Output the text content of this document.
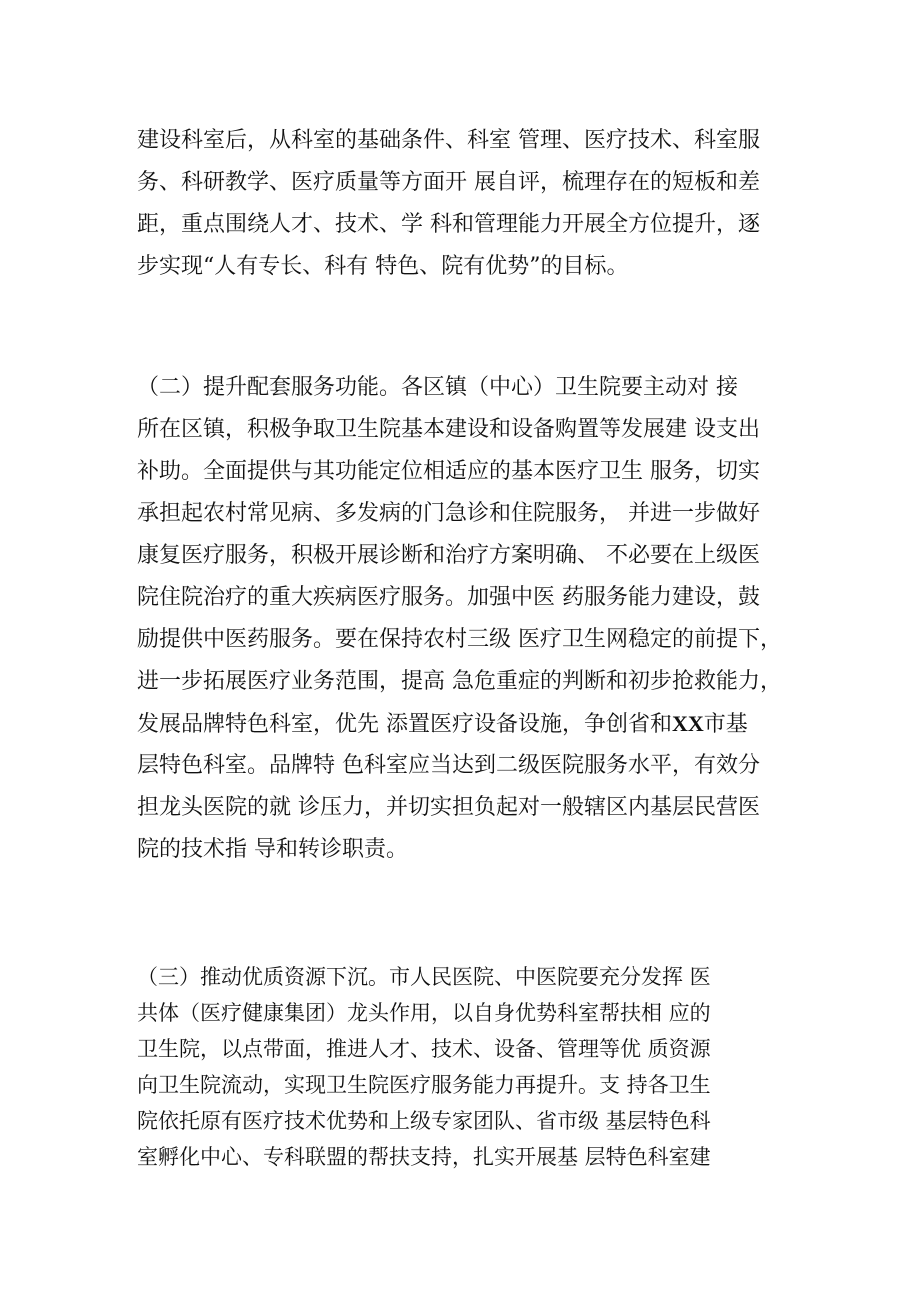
建设科室后，从科室的基础条件、科室 管理、医疗技术、科室服
务、科研教学、医疗质量等方面开 展自评，梳理存在的短板和差
距，重点围绕人才、技术、学 科和管理能力开展全方位提升，逐
步实现“人有专长、科有 特色、院有优势”的目标。
（二）提升配套服务功能。各区镇（中心）卫生院要主动对 接
所在区镇，积极争取卫生院基本建设和设备购置等发展建 设支出
补助。全面提供与其功能定位相适应的基本医疗卫生 服务，切实
承担起农村常见病、多发病的门急诊和住院服务， 并进一步做好
康复医疗服务，积极开展诊断和治疗方案明确、 不必要在上级医
院住院治疗的重大疾病医疗服务。加强中医 药服务能力建设，鼓
励提供中医药服务。要在保持农村三级 医疗卫生网稳定的前提下，
进一步拓展医疗业务范围，提高 急危重症的判断和初步抢救能力，
发展品牌特色科室，优先 添置医疗设备设施，争创省和XX市基
层特色科室。品牌特 色科室应当达到二级医院服务水平，有效分
担龙头医院的就 诊压力，并切实担负起对一般辖区内基层民营医
院的技术指 导和转诊职责。
（三）推动优质资源下沉。市人民医院、中医院要充分发挥 医
共体（医疗健康集团）龙头作用，以自身优势科室帮扶相 应的
卫生院，以点带面，推进人才、技术、设备、管理等优 质资源
向卫生院流动，实现卫生院医疗服务能力再提升。支 持各卫生
院依托原有医疗技术优势和上级专家团队、省市级 基层特色科
室孵化中心、专科联盟的帮扶支持，扎实开展基 层特色科室建
